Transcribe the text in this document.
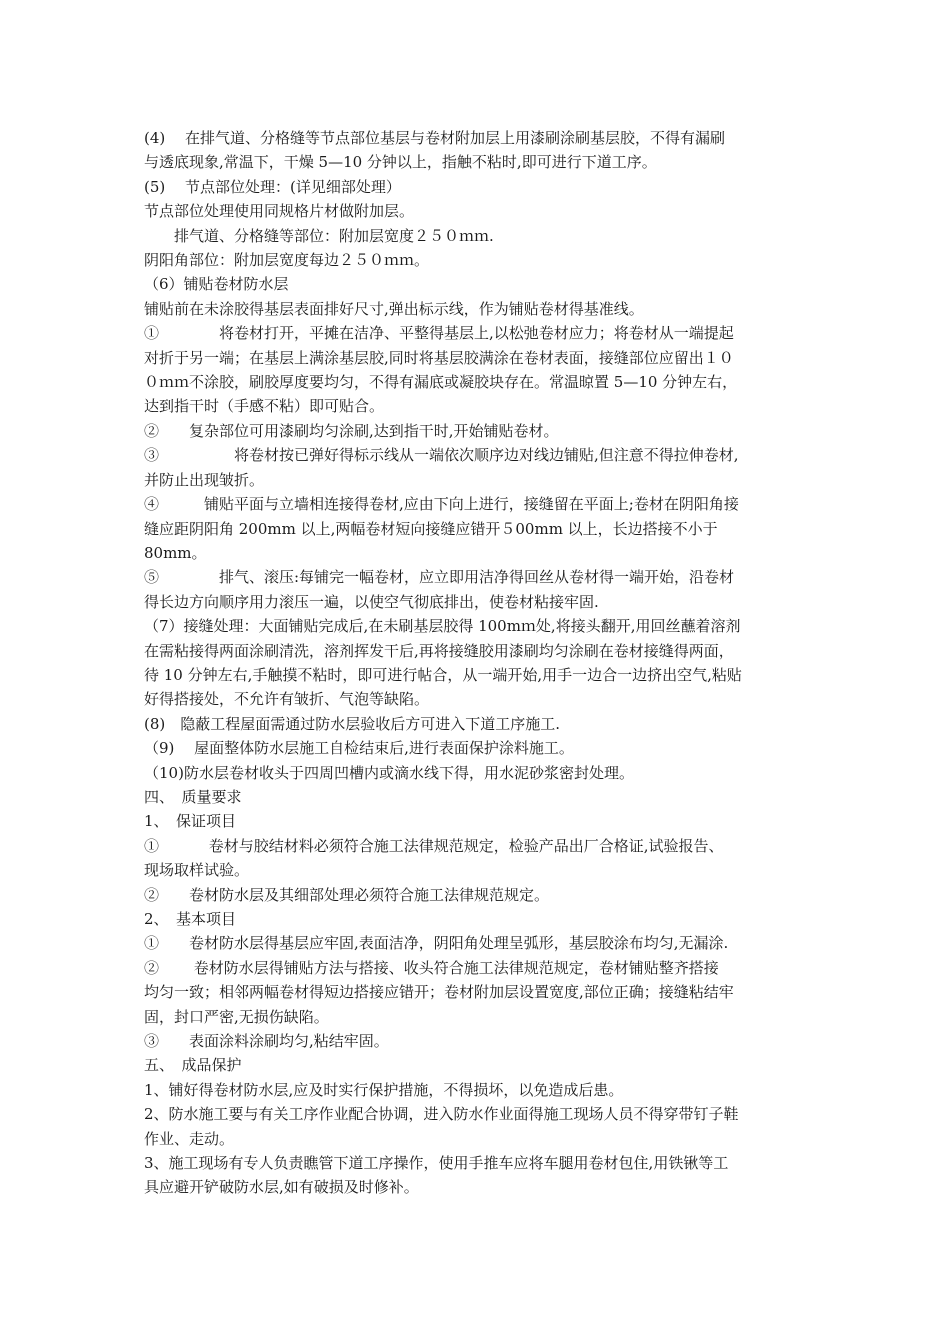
(4)　 在排气道、分格缝等节点部位基层与卷材附加层上用漆刷涂刷基层胶，不得有漏刷
与透底现象,常温下，干燥 5—10 分钟以上，指触不粘时,即可进行下道工序。
(5)　 节点部位处理：(详见细部处理）
节点部位处理使用同规格片材做附加层。
　　排气道、分格缝等部位：附加层宽度２５０ｍｍ.
阴阳角部位：附加层宽度每边２５０ｍｍ。
（6）铺贴卷材防水层
铺贴前在未涂胶得基层表面排好尺寸,弹出标示线，作为铺贴卷材得基准线。
①　　　　将卷材打开，平摊在洁净、平整得基层上,以松弛卷材应力；将卷材从一端提起
对折于另一端；在基层上满涂基层胶,同时将基层胶满涂在卷材表面，接缝部位应留出１０
０ｍｍ不涂胶，刷胶厚度要均匀，不得有漏底或凝胶块存在。常温晾置 5—10 分钟左右，
达到指干时（手感不粘）即可贴合。
②　　复杂部位可用漆刷均匀涂刷,达到指干时,开始铺贴卷材。
③　　　　　将卷材按已弹好得标示线从一端依次顺序边对线边铺贴,但注意不得拉伸卷材,
并防止出现皱折。
④　　　铺贴平面与立墙相连接得卷材,应由下向上进行，接缝留在平面上;卷材在阴阳角接
缝应距阴阳角 200mm 以上,两幅卷材短向接缝应错开５00mm 以上，长边搭接不小于
80mm。
⑤　　　　排气、滚压:每铺完一幅卷材，应立即用洁净得回丝从卷材得一端开始，沿卷材
得长边方向顺序用力滚压一遍，以使空气彻底排出，使卷材粘接牢固.
（7）接缝处理：大面铺贴完成后,在未刷基层胶得 100mｍ处,将接头翻开,用回丝蘸着溶剂
在需粘接得两面涂刷清洗，溶剂挥发干后,再将接缝胶用漆刷均匀涂刷在卷材接缝得两面，
待 10 分钟左右,手触摸不粘时，即可进行帖合，从一端开始,用手一边合一边挤出空气,粘贴
好得搭接处，不允许有皱折、气泡等缺陷。
(8)　隐蔽工程屋面需通过防水层验收后方可进入下道工序施工.
（9)　 屋面整体防水层施工自检结束后,进行表面保护涂料施工。
（10)防水层卷材收头于四周凹槽内或滴水线下得，用水泥砂浆密封处理。
四、　质量要求
1、　保证项目
①　　　 卷材与胶结材料必须符合施工法律规范规定，检验产品出厂合格证,试验报告、
现场取样试验。
②　　卷材防水层及其细部处理必须符合施工法律规范规定。
2、　基本项目
①　　卷材防水层得基层应牢固,表面洁净，阴阳角处理呈弧形，基层胶涂布均匀,无漏涂.
②　　 卷材防水层得铺贴方法与搭接、收头符合施工法律规范规定，卷材铺贴整齐搭接
均匀一致；相邻两幅卷材得短边搭接应错开；卷材附加层设置宽度,部位正确；接缝粘结牢
固，封口严密,无损伤缺陷。
③　　表面涂料涂刷均匀,粘结牢固。
五、　成品保护
1、铺好得卷材防水层,应及时实行保护措施，不得损坏，以免造成后患。
2、防水施工要与有关工序作业配合协调，进入防水作业面得施工现场人员不得穿带钉子鞋
作业、走动。
3、施工现场有专人负责瞧管下道工序操作，使用手推车应将车腿用卷材包住,用铁锹等工
具应避开铲破防水层,如有破损及时修补。
